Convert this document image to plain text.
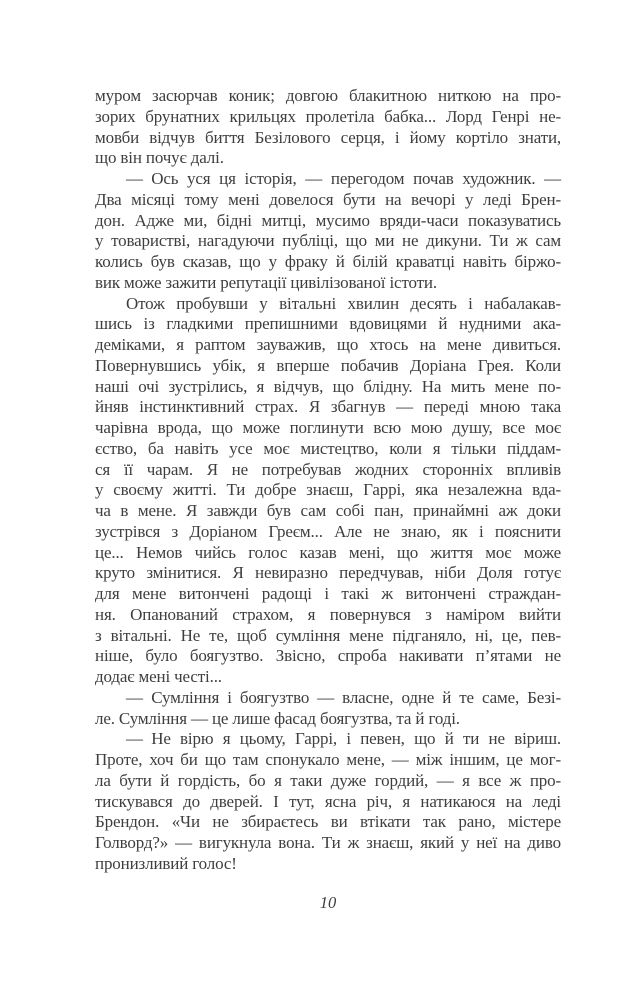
муром засюрчав коник; довгою блакитною ниткою на про-
зорих брунатних крильцях пролетіла бабка... Лорд Генрі не-
мовби відчув биття Безілового серця, і йому кортіло знати,
що він почує далі.

— Ось уся ця історія, — перегодом почав художник. —
Два місяці тому мені довелося бути на вечорі у леді Брен-
дон. Адже ми, бідні митці, мусимо вряди-часи показуватись
у товаристві, нагадуючи публіці, що ми не дикуни. Ти ж сам
колись був сказав, що у фраку й білій краватці навіть біржо-
вик може зажити репутації цивілізованої істоти.

Отож пробувши у вітальні хвилин десять і набалакав-
шись із гладкими препишними вдовицями й нудними ака-
деміками, я раптом зауважив, що хтось на мене дивиться.
Повернувшись убік, я вперше побачив Доріана Грея. Коли
наші очі зустрілись, я відчув, що блідну. На мить мене по-
йняв інстинктивний страх. Я збагнув — переді мною така
чарівна врода, що може поглинути всю мою душу, все моє
єство, ба навіть усе моє мистецтво, коли я тільки піддам-
ся її чарам. Я не потребував жодних сторонніх впливів
у своєму житті. Ти добре знаєш, Гаррі, яка незалежна вда-
ча в мене. Я завжди був сам собі пан, принаймні аж доки
зустрівся з Доріаном Греєм... Але не знаю, як і пояснити
це... Немов чийсь голос казав мені, що життя моє може
круто змінитися. Я невиразно передчував, ніби Доля готує
для мене витончені радощі і такі ж витончені страждан-
ня. Опанований страхом, я повернувся з наміром вийти
з вітальні. Не те, щоб сумління мене підганяло, ні, це, пев-
ніше, було боягузтво. Звісно, спроба накивати п’ятами не
додає мені честі...

— Сумління і боягузтво — власне, одне й те саме, Безі-
ле. Сумління — це лише фасад боягузтва, та й годі.

— Не вірю я цьому, Гаррі, і певен, що й ти не віриш.
Проте, хоч би що там спонукало мене, — між іншим, це мог-
ла бути й гордість, бо я таки дуже гордий, — я все ж про-
тискувався до дверей. І тут, ясна річ, я натикаюся на леді
Брендон. «Чи не збираєтесь ви втікати так рано, містере
Голворд?» — вигукнула вона. Ти ж знаєш, який у неї на диво
пронизливий голос!

10
